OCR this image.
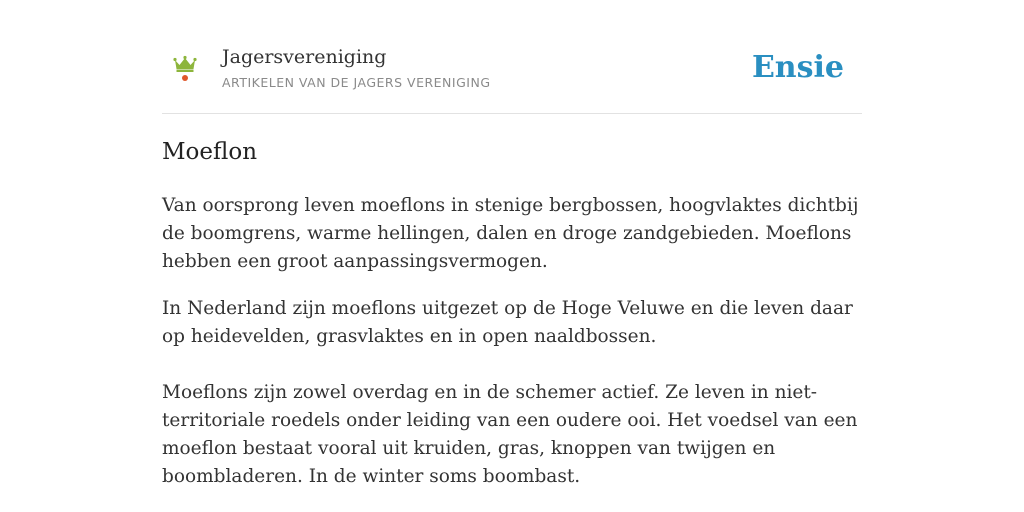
Jagersvereniging
ARTIKELEN VAN DE JAGERS VERENIGING	Ensie
Moeflon

Van oorsprong leven moeflons in stenige bergbossen, hoogvlaktes dichtbij de boomgrens, warme hellingen, dalen en droge zandgebieden. Moeflons hebben een groot aanpassingsvermogen.

In Nederland zijn moeflons uitgezet op de Hoge Veluwe en die leven daar op heidevelden, grasvlaktes en in open naaldbossen.

Moeflons zijn zowel overdag en in de schemer actief. Ze leven in niet-territoriale roedels onder leiding van een oudere ooi. Het voedsel van een moeflon bestaat vooral uit kruiden, gras, knoppen van twijgen en boombladeren. In de winter soms boombast.
